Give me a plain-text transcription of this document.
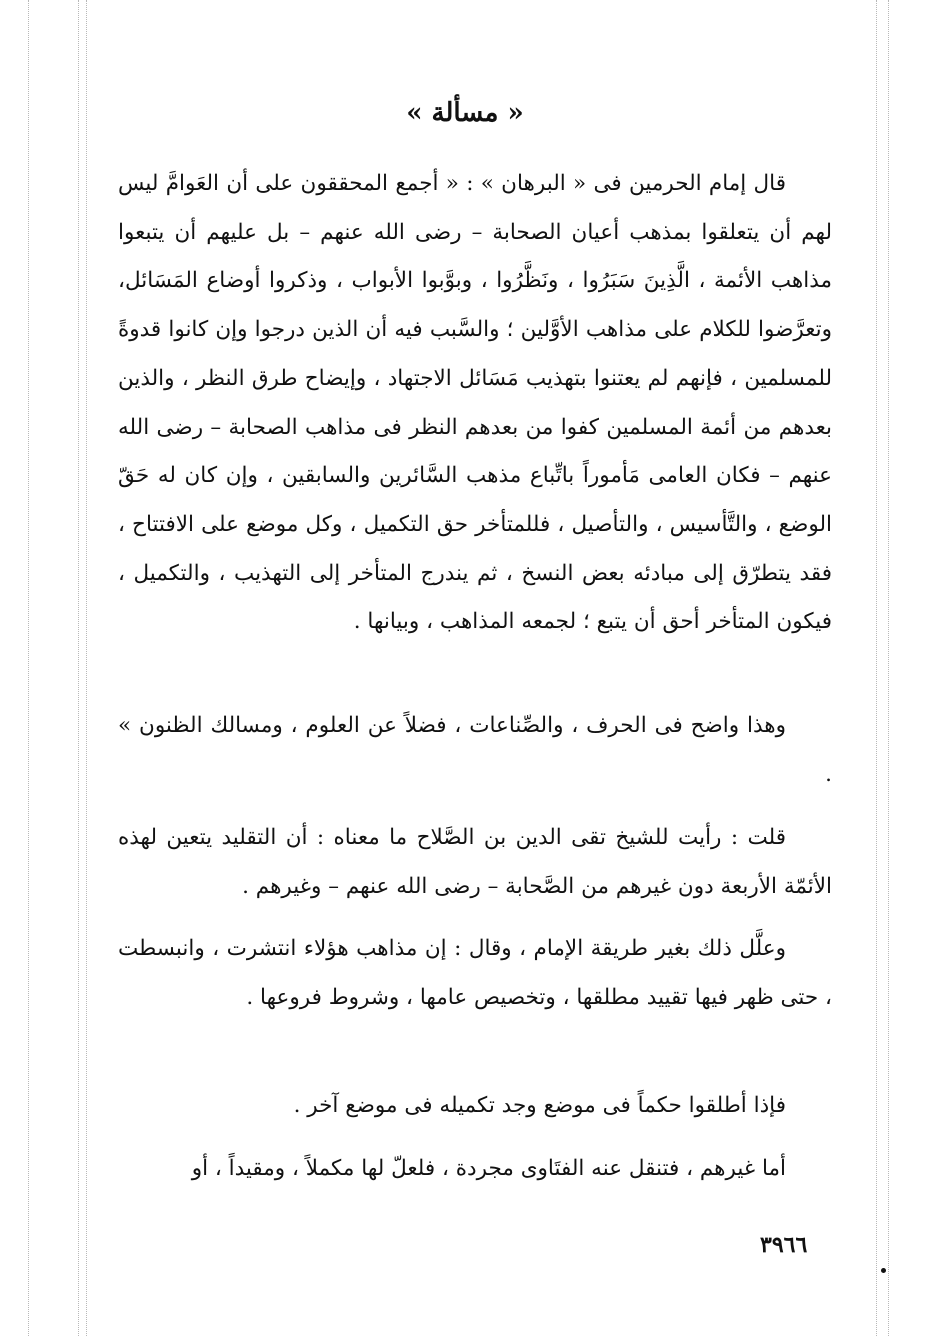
« مسألة »
قال إمام الحرمين فى « البرهان » : « أجمع المحققون على أن العَوامَّ ليس لهم أن يتعلقوا بمذهب أعيان الصحابة – رضى الله عنهم – بل عليهم أن يتبعوا مذاهب الأئمة ، الَّذِينَ سَبَرُوا ، ونَظَّرُوا ، وبوَّبوا الأبواب ، وذكروا أوضاع المَسَائل، وتعرَّضوا للكلام على مذاهب الأوَّلين ؛ والسَّبب فيه أن الذين درجوا وإن كانوا قدوةً للمسلمين ، فإنهم لم يعتنوا بتهذيب مَسَائل الاجتهاد ، وإيضاح طرق النظر ، والذين بعدهم من أئمة المسلمين كفوا من بعدهم النظر فى مذاهب الصحابة – رضى الله عنهم – فكان العامى مَأموراً باتِّباع مذهب السَّائرين والسابقين ، وإن كان له حَقّ الوضع ، والتَّأسيس ، والتأصيل ، فللمتأخر حق التكميل ، وكل موضع على الافتتاح ، فقد يتطرّق إلى مبادئه بعض النسخ ، ثم يندرج المتأخر إلى التهذيب ، والتكميل ، فيكون المتأخر أحق أن يتبع ؛ لجمعه المذاهب ، وبيانها .
وهذا واضح فى الحرف ، والصِّناعات ، فضلاً عن العلوم ، ومسالك الظنون » .
قلت : رأيت للشيخ تقى الدين بن الصَّلاح ما معناه : أن التقليد يتعين لهذه الأئمّة الأربعة دون غيرهم من الصَّحابة – رضى الله عنهم – وغيرهم .
وعلَّل ذلك بغير طريقة الإمام ، وقال : إن مذاهب هؤلاء انتشرت ، وانبسطت ، حتى ظهر فيها تقييد مطلقها ، وتخصيص عامها ، وشروط فروعها .
فإذا أطلقوا حكماً فى موضع وجد تكميله فى موضع آخر .
أما غيرهم ، فتنقل عنه الفتَاوى مجردة ، فلعلّ لها مكملاً ، ومقيداً ، أو
٣٩٦٦
